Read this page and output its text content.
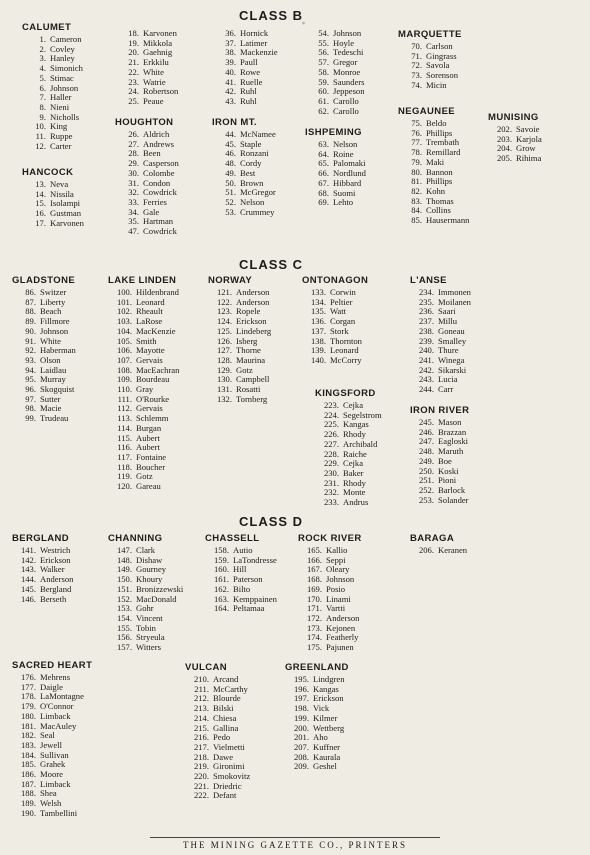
CLASS B
CLASS C
CLASS D
·
CALUMET
1. Cameron
2. Covley
3. Hanley
4. Simonich
5. Stimac
6. Johnson
7. Haller
8. Nieni
9. Nicholls
10. King
11. Ruppe
12. Carter
HANCOCK
13. Neva
14. Nissila
15. Isolampi
16. Gustman
17. Karvonen
18. Karvonen
19. Mikkola
20. Gaehnig
21. Erkkilu
22. White
23. Watrie
24. Robertson
25. Peaue
HOUGHTON
26. Aldrich
27. Andrews
28. Been
29. Casperson
30. Colombe
31. Condon
32. Cowdrick
33. Ferries
34. Gale
35. Hartman
47. Cowdrick
36. Hornick
37. Latimer
38. Mackenzie
39. Paull
40. Rowe
41. Ruelle
42. Ruhl
43. Ruhl
IRON MT.
44. McNamee
45. Staple
46. Ronzani
48. Cordy
49. Best
50. Brown
51. McGregor
52. Nelson
53. Crummey
54. Johnson
55. Hoyle
56. Tedeschi
57. Gregor
58. Monroe
59. Saunders
60. Jeppeson
61. Carollo
62. Carollo
ISHPEMING
63. Nelson
64. Roine
65. Palomaki
66. Nordlund
67. Hibbard
68. Suomi
69. Lehto
MARQUETTE
70. Carlson
71. Gingrass
72. Savola
73. Sorenson
74. Micin
NEGAUNEE
75. Beldo
76. Phillips
77. Trembath
78. Remillard
79. Maki
80. Bannon
81. Phillips
82. Kohn
83. Thomas
84. Collins
85. Hausermann
MUNISING
202. Savoie
203. Karjola
204. Grow
205. Rihima
GLADSTONE
86. Switzer
87. Liberty
88. Beach
89. Fillmore
90. Johnson
91. White
92. Haberman
93. Olson
94. Laidlau
95. Murray
96. Skogquist
97. Sutter
98. Macie
99. Trudeau
LAKE LINDEN
100. Hildenbrand
101. Leonard
102. Rheault
103. LaRose
104. MacKenzie
105. Smith
106. Mayotte
107. Gervais
108. MacEachran
109. Bourdeau
110. Gray
111. O'Rourke
112. Gervais
113. Schlemm
114. Burgan
115. Aubert
116. Aubert
117. Fontaine
118. Boucher
119. Gotz
120. Gareau
NORWAY
121. Anderson
122. Anderson
123. Ropele
124. Erickson
125. Lindeberg
126. Isberg
127. Thorne
128. Maurina
129. Gotz
130. Campbell
131. Rosatti
132. Tornberg
ONTONAGON
133. Corwin
134. Peltier
135. Watt
136. Corgan
137. Stork
138. Thornton
139. Leonard
140. McCorry
KINGSFORD
223. Cejka
224. Segelstrom
225. Kangas
226. Rhody
227. Archibald
228. Raiche
229. Cejka
230. Baker
231. Rhody
232. Monte
233. Andrus
L'ANSE
234. Immonen
235. Moilanen
236. Saari
237. Millu
238. Goneau
239. Smalley
240. Thure
241. Winega
242. Sikarski
243. Lucia
244. Carr
IRON RIVER
245. Mason
246. Brazzan
247. Eagloski
248. Maruth
249. Boe
250. Koski
251. Pioni
252. Barlock
253. Solander
BERGLAND
141. Westrich
142. Erickson
143. Walker
144. Anderson
145. Bergland
146. Berseth
CHANNING
147. Clark
148. Dishaw
149. Gourney
150. Khoury
151. Bronizzewski
152. MacDonald
153. Gohr
154. Vincent
155. Tobin
156. Stryeula
157. Witters
CHASSELL
158. Autio
159. LaTondresse
160. Hill
161. Paterson
162. Bilto
163. Kemppainen
164. Peltamaa
ROCK RIVER
165. Kallio
166. Seppi
167. Oleary
168. Johnson
169. Posio
170. Linami
171. Vartti
172. Anderson
173. Kejonen
174. Featherly
175. Pajunen
BARAGA
206. Keranen
SACRED HEART
176. Mehrens
177. Daigle
178. LaMontagne
179. O'Connor
180. Limback
181. MacAuley
182. Seal
183. Jewell
184. Sullivan
185. Grahek
186. Moore
187. Limback
188. Shea
189. Welsh
190. Tambellini
VULCAN
210. Arcand
211. McCarthy
212. Blourde
213. Bilski
214. Chiesa
215. Gallina
216. Pedo
217. Vielmetti
218. Dawe
219. Gironimi
220. Smokovitz
221. Driedric
222. Defant
GREENLAND
195. Lindgren
196. Kangas
197. Erickson
198. Vick
199. Kilmer
200. Wettberg
201. Aho
207. Kuffner
208. Kaurala
209. Geshel
THE MINING GAZETTE CO., PRINTERS
